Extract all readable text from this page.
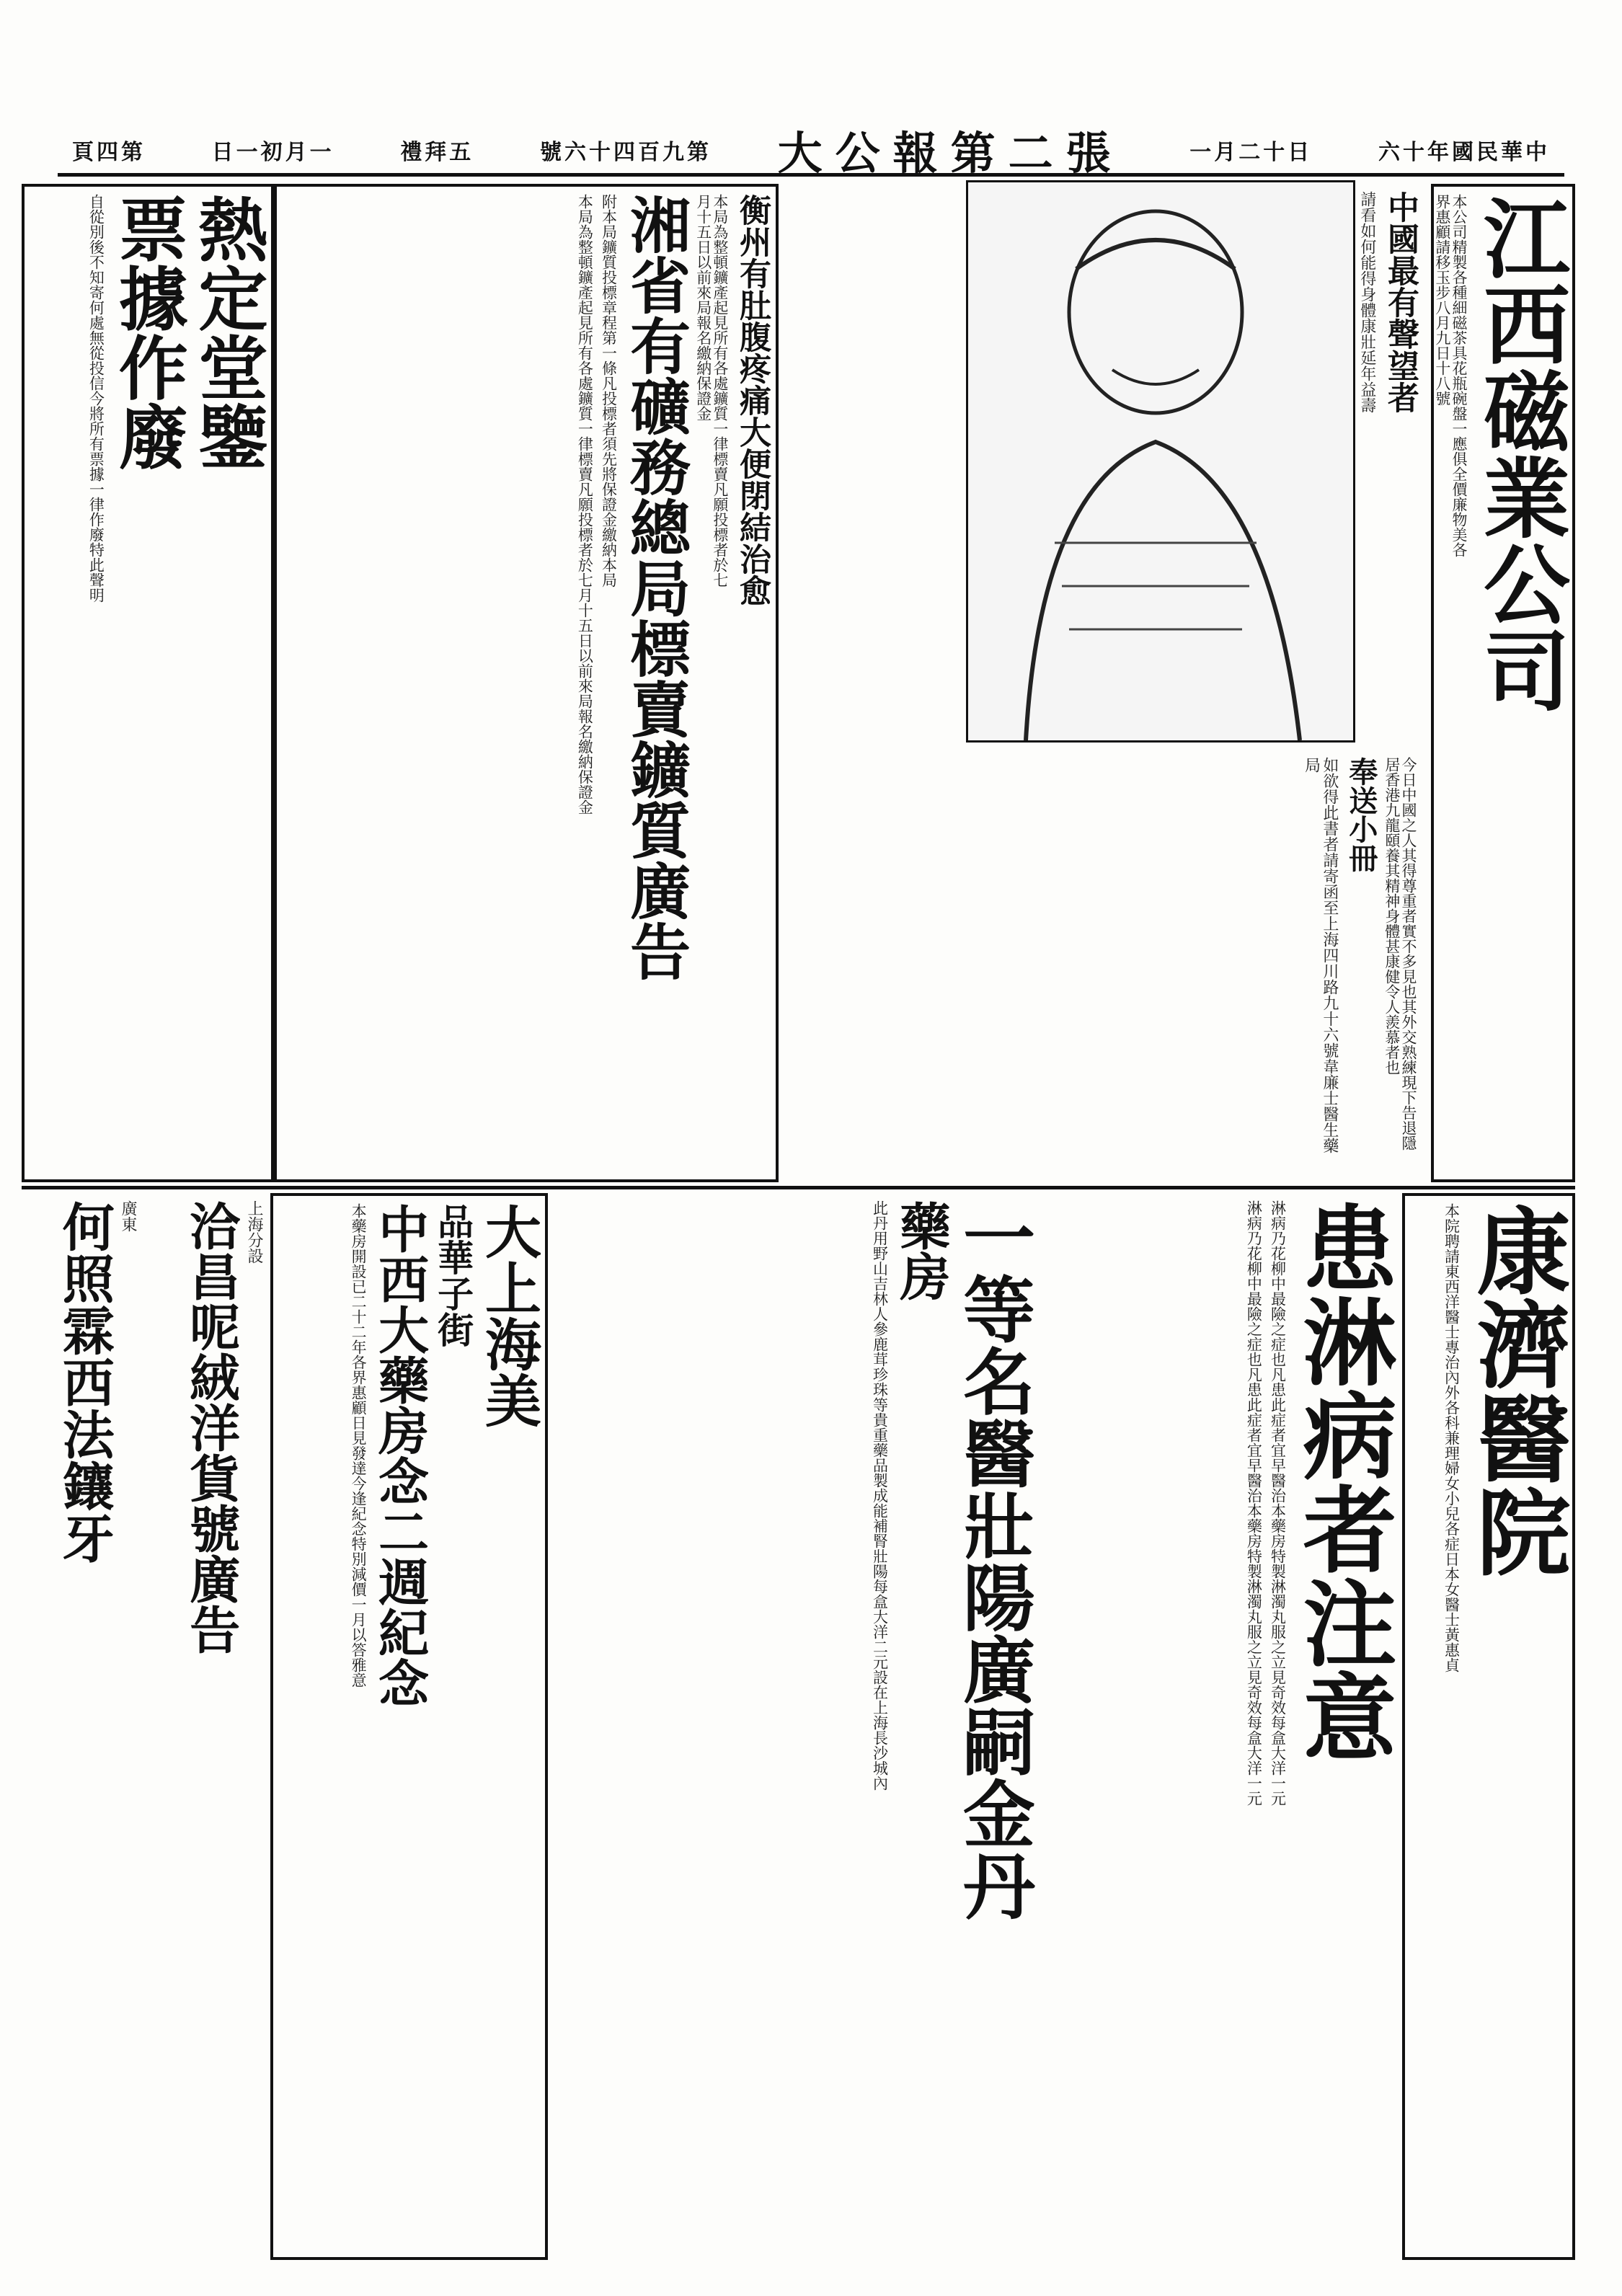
頁四第	日一初月一	禮拜五	號六十四百九第 大公報第二張	一月二十日	六十年國民華中
江西磁業公司
本公司精製各種細磁茶具花瓶碗盤一應俱全價廉物美各界惠顧請移玉步八月九日十八號
中國最有聲望者
請看如何能得身體康壯延年益壽
今日中國之人其得尊重者實不多見也其外交熟練現下告退隱居香港九龍頤養其精神身體甚康健令人羨慕者也
奉送小冊
如欲得此書者請寄函至上海四川路九十六號韋廉士醫生藥局
衡州有肚腹疼痛大便閉結治愈
本局為整頓鑛產起見所有各處鑛質一律標賣凡願投標者於七月十五日以前來局報名繳納保證金
湘省有礦務總局標賣鑛質廣告
附本局鑛質投標章程第一條凡投標者須先將保證金繳納本局
本局為整頓鑛產起見所有各處鑛質一律標賣凡願投標者於七月十五日以前來局報名繳納保證金
熱定堂鑒
票據作廢
自從別後不知寄何處無從投信今將所有票據一律作廢特此聲明
康濟醫院
本院聘請東西洋醫士專治內外各科兼理婦女小兒各症日本女醫士黃惠貞
患淋病者注意
淋病乃花柳中最險之症也凡患此症者宜早醫治本藥房特製淋濁丸服之立見奇效每盒大洋一元
淋病乃花柳中最險之症也凡患此症者宜早醫治本藥房特製淋濁丸服之立見奇效每盒大洋一元
一等名醫壯陽廣嗣金丹
藥房
此丹用野山吉林人參鹿茸珍珠等貴重藥品製成能補腎壯陽每盒大洋二元設在上海長沙城內
大上海美
品華子街
中西大藥房念二週紀念
本藥房開設已二十二年各界惠顧日見發達今逢紀念特別減價一月以答雅意
上海分設
洽昌呢絨洋貨號廣告
廣東
何照霖西法鑲牙
